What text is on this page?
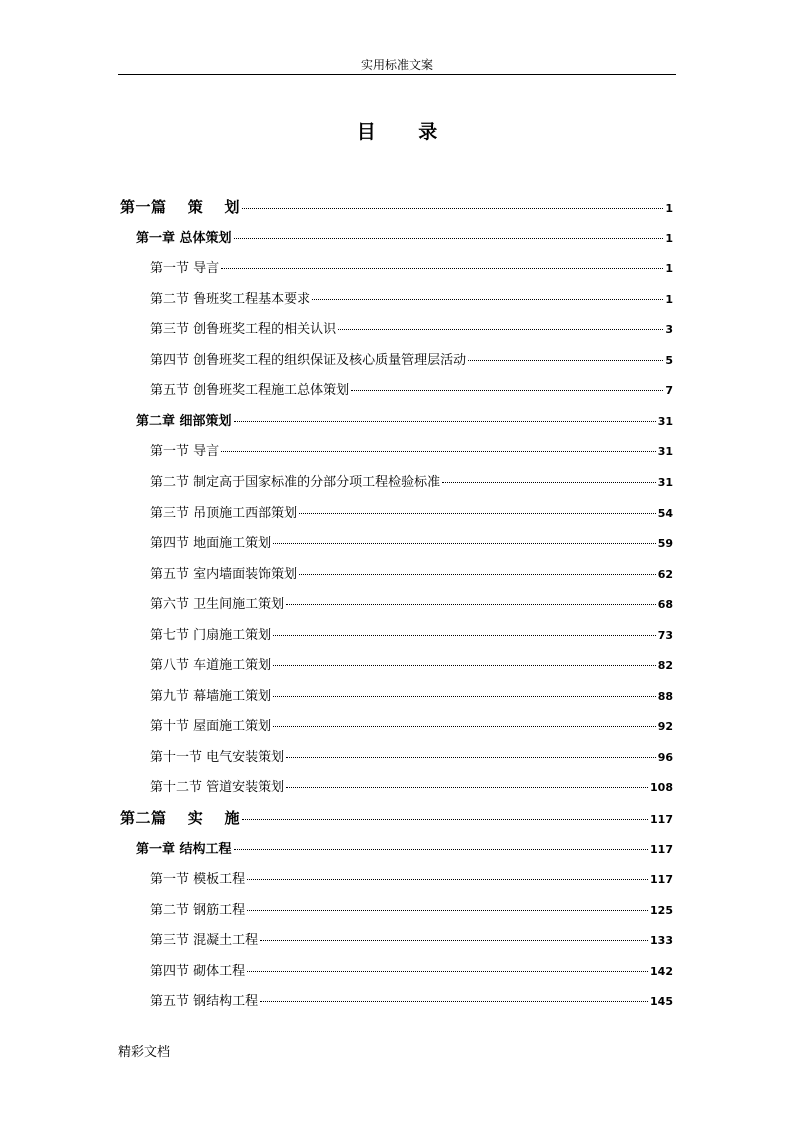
实用标准文案
目 录
第一篇　 策　 划	1
第一章 总体策划	1
第一节 导言	1
第二节 鲁班奖工程基本要求	1
第三节 创鲁班奖工程的相关认识	3
第四节 创鲁班奖工程的组织保证及核心质量管理层活动	5
第五节 创鲁班奖工程施工总体策划	7
第二章 细部策划	31
第一节 导言	31
第二节 制定高于国家标准的分部分项工程检验标准	31
第三节 吊顶施工西部策划	54
第四节 地面施工策划	59
第五节 室内墙面装饰策划	62
第六节 卫生间施工策划	68
第七节 门扇施工策划	73
第八节 车道施工策划	82
第九节 幕墙施工策划	88
第十节 屋面施工策划	92
第十一节 电气安装策划	96
第十二节 管道安装策划	108
第二篇　 实　 施	117
第一章 结构工程	117
第一节 模板工程	117
第二节 钢筋工程	125
第三节 混凝土工程	133
第四节 砌体工程	142
第五节 钢结构工程	145
精彩文档
